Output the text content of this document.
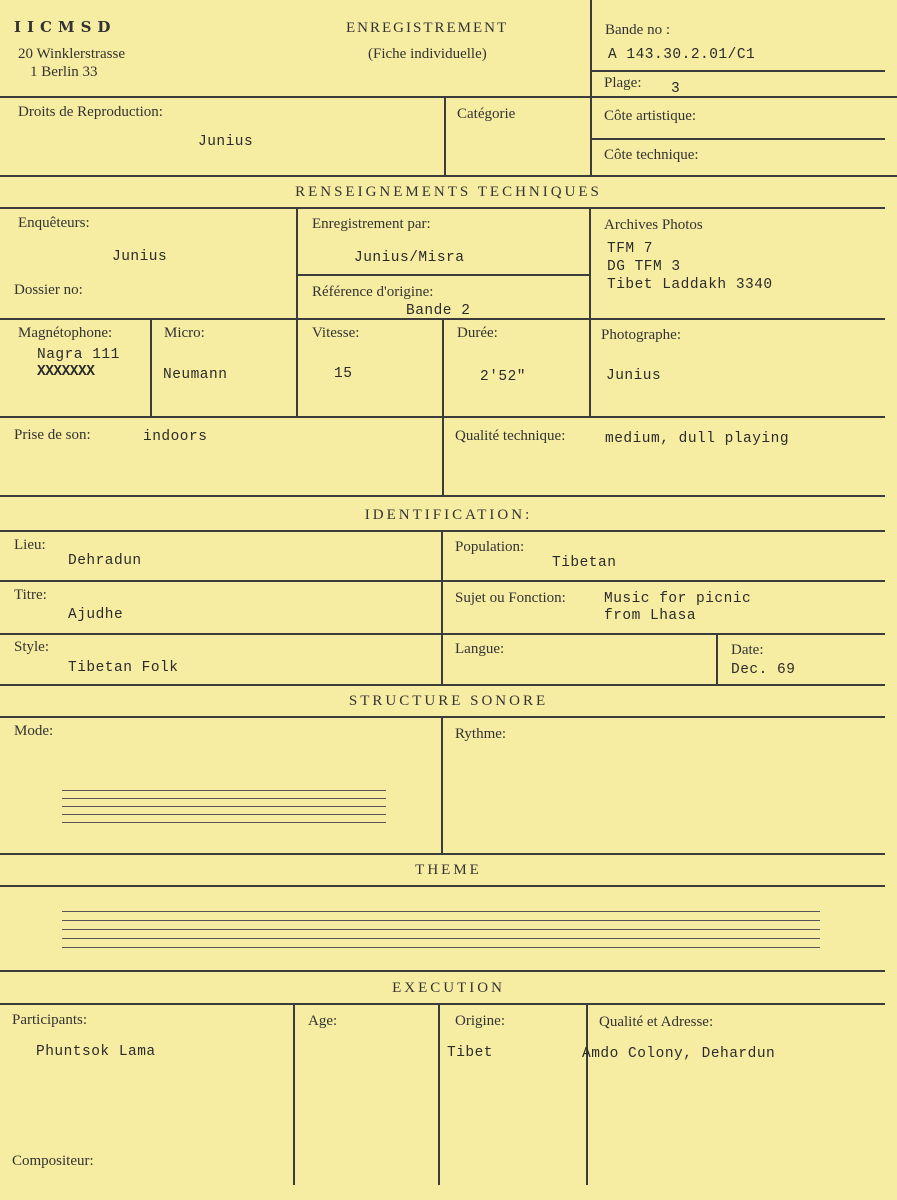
IICMSD
20 Winklerstrasse
1 Berlin 33
ENREGISTREMENT
(Fiche individuelle)
Bande no :
A 143.30.2.01/C1
Plage: 3
Droits de Reproduction:
Junius
Catégorie	Côte artistique:
Côte technique:
RENSEIGNEMENTS TECHNIQUES
Enquêteurs:
Junius
Enregistrement par:
Junius/Misra
Archives Photos
TFM 7
DG TFM 3
Tibet Laddakh 3340
Dossier no:	Référence d'origine:
Bande 2
Magnétophone:
Nagra 111
XXXXXXX
Micro:
Neumann
Vitesse:
15
Durée:
2'52"
Photographe:
Junius
Prise de son:	indoors	Qualité technique:	medium, dull playing
IDENTIFICATION:
Lieu:
Dehradun
Population:
Tibetan
Titre:
Ajudhe
Sujet ou Fonction:	Music for picnic
from Lhasa
Style:
Tibetan Folk
Langue:	Date:
Dec. 69
STRUCTURE SONORE
Mode:	Rythme:
THEME
EXECUTION
Participants:
Phuntsok Lama
Age:	Origine:
Tibet
Qualité et Adresse:
Amdo Colony, Dehardun
Compositeur:
